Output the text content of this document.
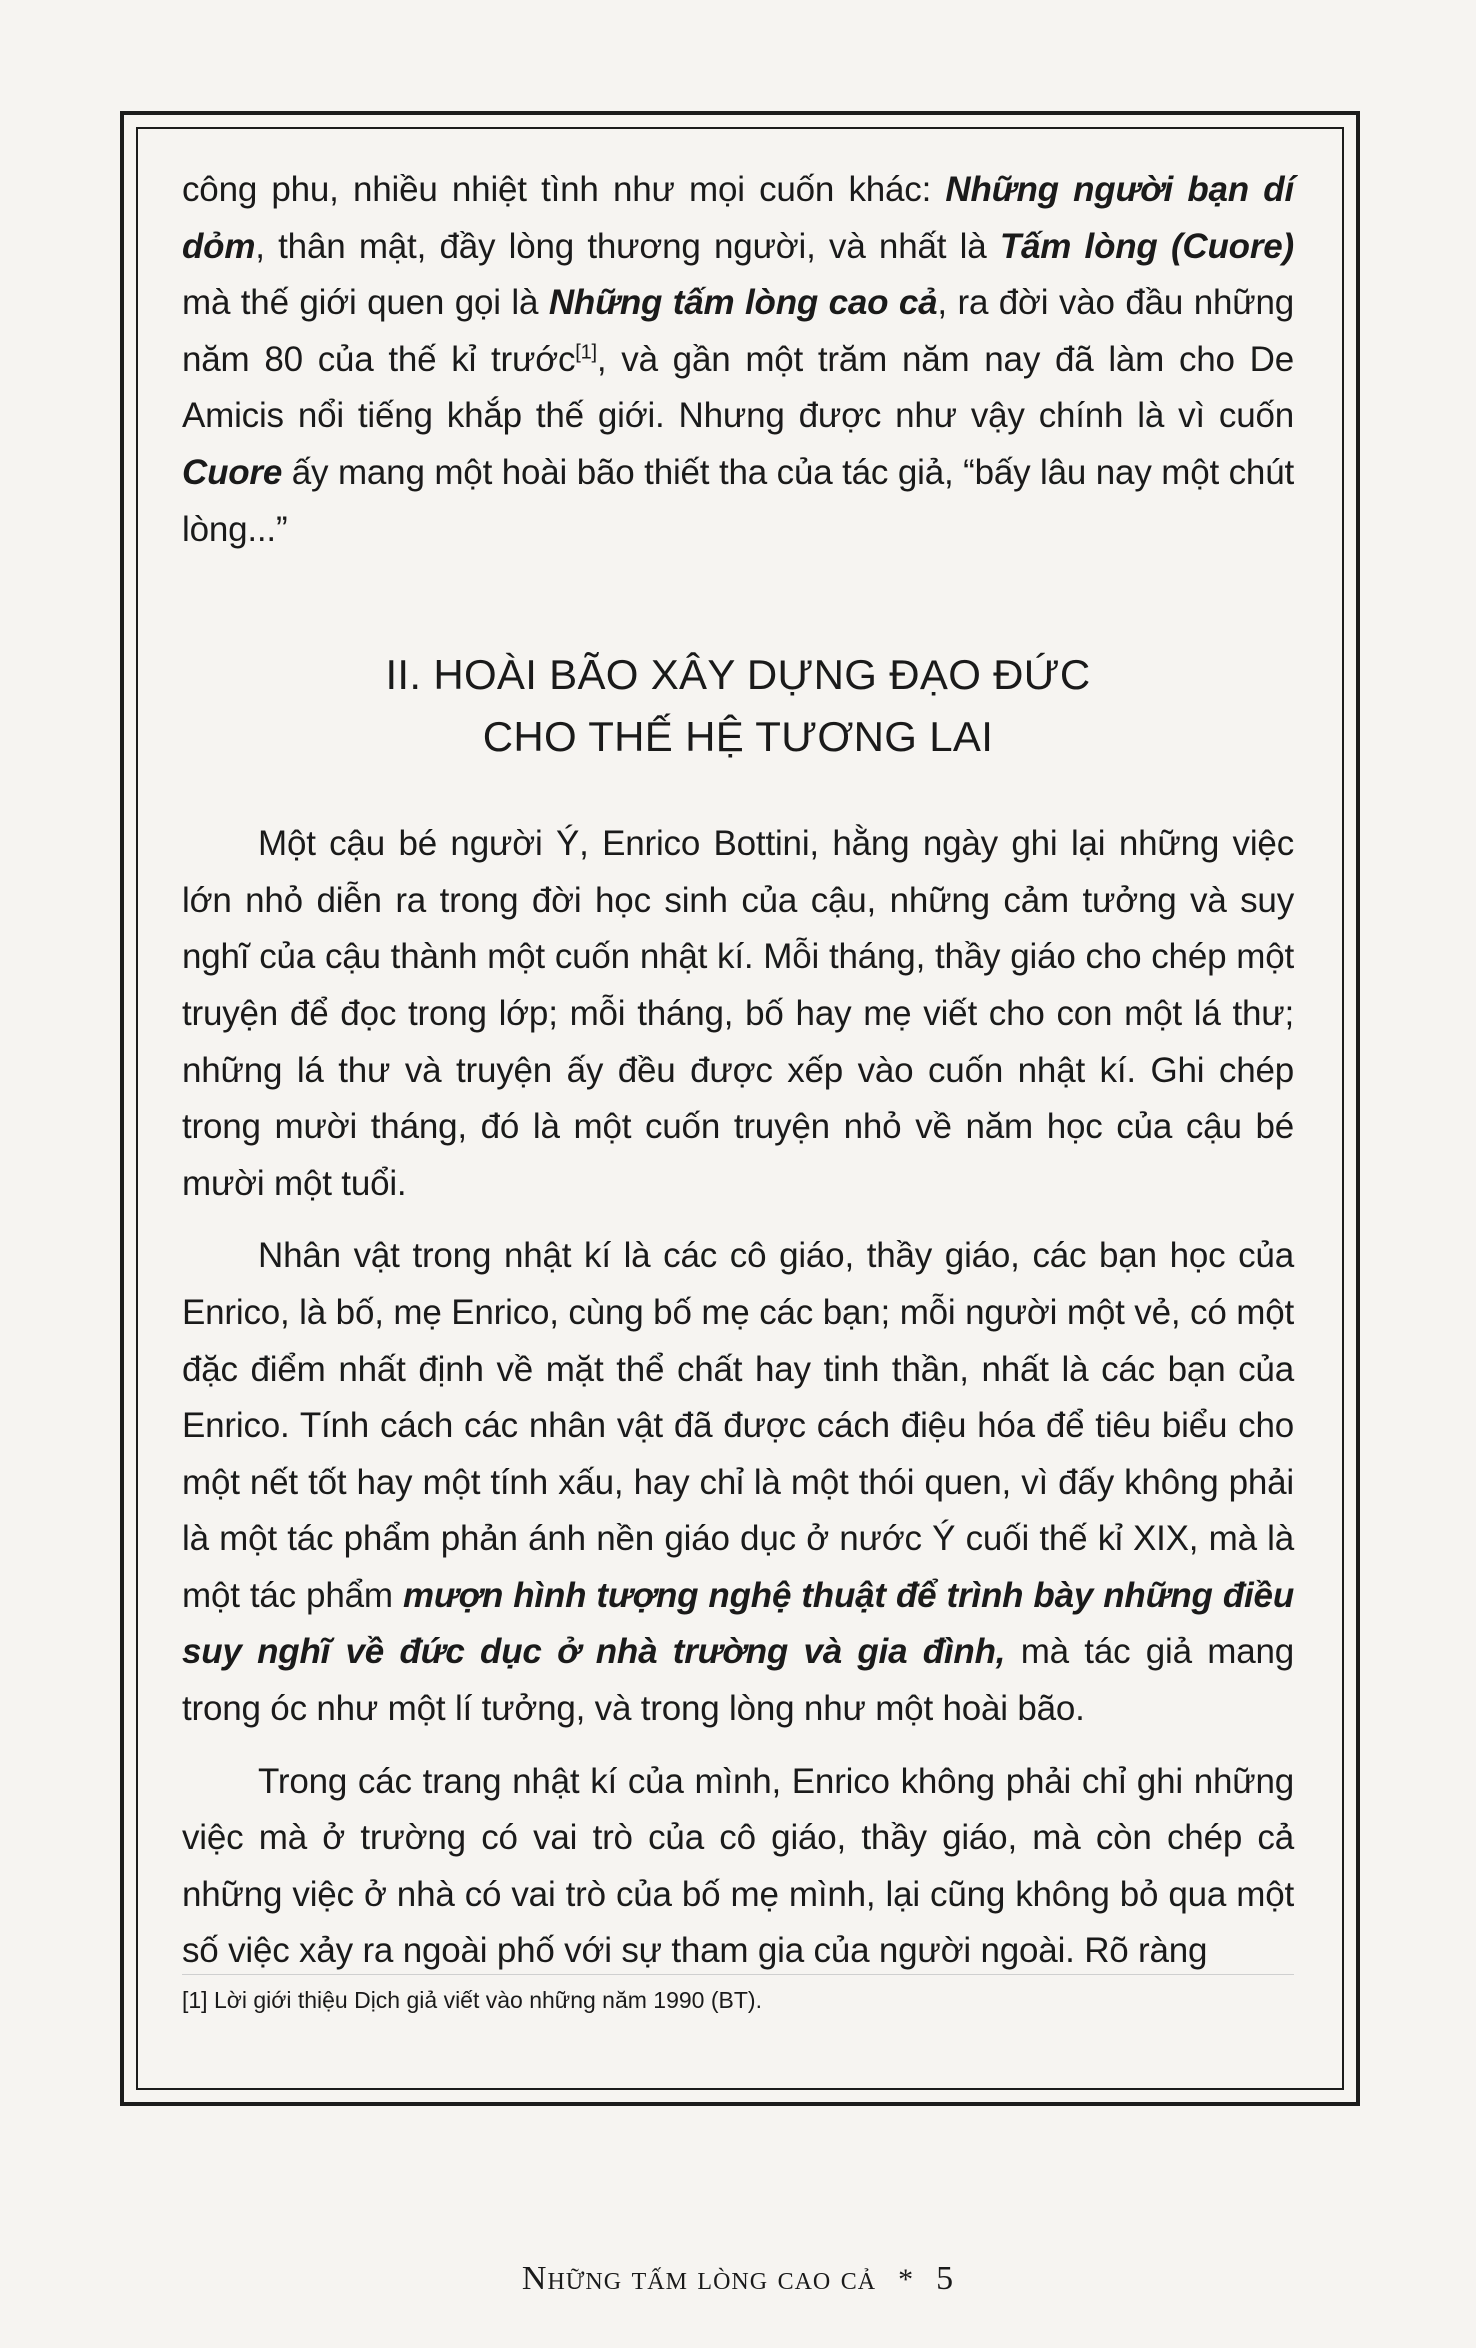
công phu, nhiều nhiệt tình như mọi cuốn khác: Những người bạn dí dỏm, thân mật, đầy lòng thương người, và nhất là Tấm lòng (Cuore) mà thế giới quen gọi là Những tấm lòng cao cả, ra đời vào đầu những năm 80 của thế kỉ trước[1], và gần một trăm năm nay đã làm cho De Amicis nổi tiếng khắp thế giới. Nhưng được như vậy chính là vì cuốn Cuore ấy mang một hoài bão thiết tha của tác giả, “bấy lâu nay một chút lòng...”

II. HOÀI BÃO XÂY DỰNG ĐẠO ĐỨC
CHO THẾ HỆ TƯƠNG LAI

Một cậu bé người Ý, Enrico Bottini, hằng ngày ghi lại những việc lớn nhỏ diễn ra trong đời học sinh của cậu, những cảm tưởng và suy nghĩ của cậu thành một cuốn nhật kí. Mỗi tháng, thầy giáo cho chép một truyện để đọc trong lớp; mỗi tháng, bố hay mẹ viết cho con một lá thư; những lá thư và truyện ấy đều được xếp vào cuốn nhật kí. Ghi chép trong mười tháng, đó là một cuốn truyện nhỏ về năm học của cậu bé mười một tuổi.

Nhân vật trong nhật kí là các cô giáo, thầy giáo, các bạn học của Enrico, là bố, mẹ Enrico, cùng bố mẹ các bạn; mỗi người một vẻ, có một đặc điểm nhất định về mặt thể chất hay tinh thần, nhất là các bạn của Enrico. Tính cách các nhân vật đã được cách điệu hóa để tiêu biểu cho một nết tốt hay một tính xấu, hay chỉ là một thói quen, vì đấy không phải là một tác phẩm phản ánh nền giáo dục ở nước Ý cuối thế kỉ XIX, mà là một tác phẩm mượn hình tượng nghệ thuật để trình bày những điều suy nghĩ về đức dục ở nhà trường và gia đình, mà tác giả mang trong óc như một lí tưởng, và trong lòng như một hoài bão.

Trong các trang nhật kí của mình, Enrico không phải chỉ ghi những việc mà ở trường có vai trò của cô giáo, thầy giáo, mà còn chép cả những việc ở nhà có vai trò của bố mẹ mình, lại cũng không bỏ qua một số việc xảy ra ngoài phố với sự tham gia của người ngoài. Rõ ràng

[1] Lời giới thiệu Dịch giả viết vào những năm 1990 (BT).
Những tấm lòng cao cả * 5
